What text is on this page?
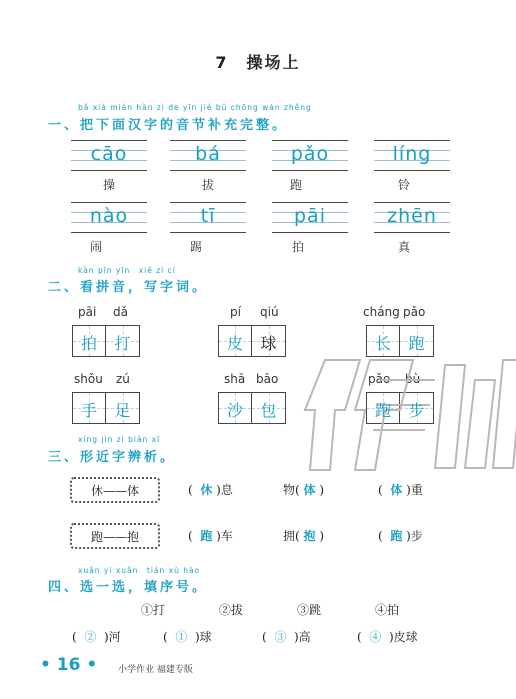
7　操场上
bǎ xià miàn hàn zì de yīn jié bǔ chōng wán zhěng
一、把下面汉字的音节补充完整。
cāo
操
bá
拔
pǎo
跑
líng
铃
nào
闹
tī
踢
pāi
拍
zhēn
真
kàn pīn yīn　xiě zì cí
二、看拼音，写字词。
pāi dǎ
拍	打
pí qiú
皮	球
cháng pǎo
长	跑
shǒu zú
手	足
shā bāo
沙	包
pǎo bù
跑	步
xíng jìn zì biàn xī
三、形近字辨析。
休——体	(  休 )息	物( 体 )	(  体 )重
跑——抱	(  跑 )车	拥( 抱 )	(  跑 )步
xuǎn yi xuǎn　tián xù hào
四、选一选，填序号。
①打	②拔	③跳	④拍
(  ②  )河	(  ①  )球	(  ③  )高	(  ④  )皮球
• 16 • 小学作业 福建专版
